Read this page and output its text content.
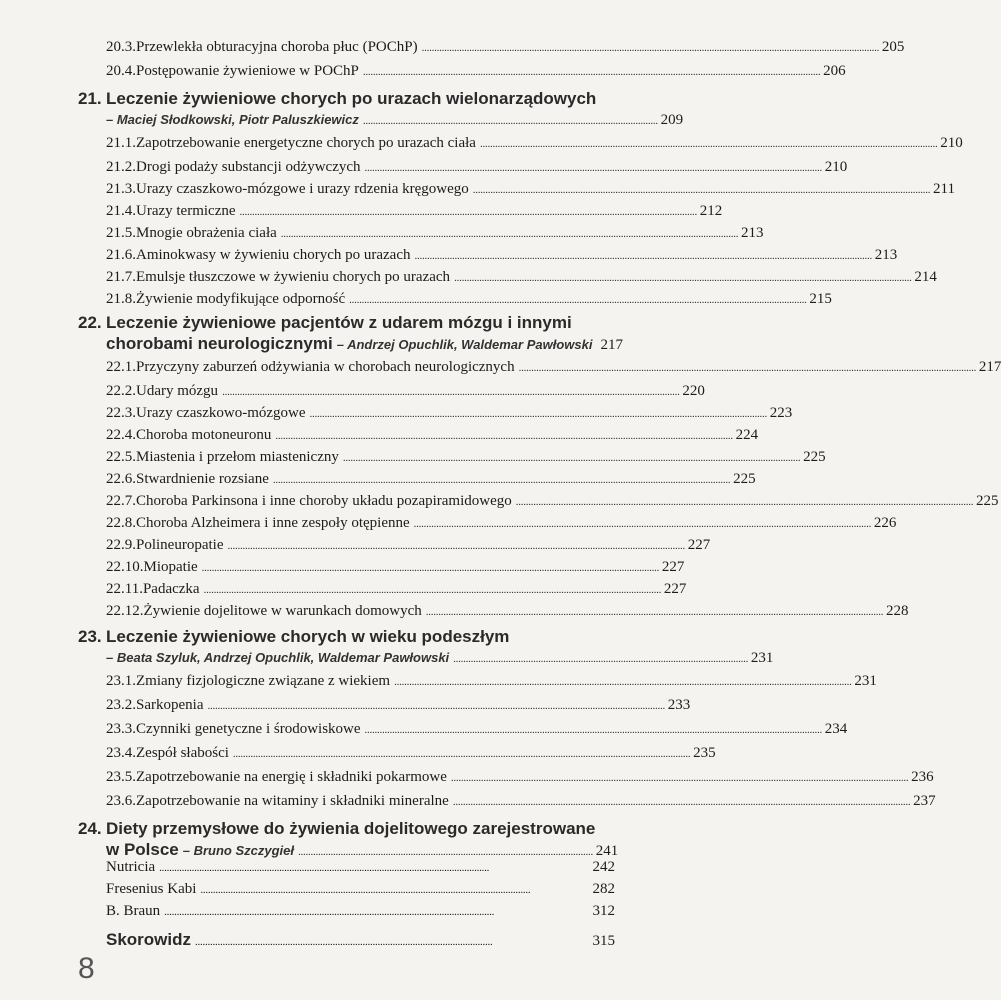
20.3. Przewlekła obturacyjna choroba płuc (POChP) . . .	205
20.4. Postępowanie żywieniowe w POChP . . .	206
21. Leczenie żywieniowe chorych po urazach wielonarządowych
– Maciej Słodkowski, Piotr Paluszkiewicz . . .	209
21.1. Zapotrzebowanie energetyczne chorych po urazach ciała . . .	210
21.2. Drogi podaży substancji odżywczych . . .	210
21.3. Urazy czaszkowo-mózgowe i urazy rdzenia kręgowego . . .	211
21.4. Urazy termiczne . . .	212
21.5. Mnogie obrażenia ciała . . .	213
21.6. Aminokwasy w żywieniu chorych po urazach . . .	213
21.7. Emulsje tłuszczowe w żywieniu chorych po urazach . . .	214
21.8. Żywienie modyfikujące odporność . . .	215
22. Leczenie żywieniowe pacjentów z udarem mózgu i innymi
chorobami neurologicznymi – Andrzej Opuchlik, Waldemar Pawłowski 217
22.1. Przyczyny zaburzeń odżywiania w chorobach neurologicznych . . .	217
22.2. Udary mózgu . . .	220
22.3. Urazy czaszkowo-mózgowe . . .	223
22.4. Choroba motoneuronu . . .	224
22.5. Miastenia i przełom miasteniczny . . .	225
22.6. Stwardnienie rozsiane . . .	225
22.7. Choroba Parkinsona i inne choroby układu pozapiramidowego . . .	225
22.8. Choroba Alzheimera i inne zespoły otępienne . . .	226
22.9. Polineuropatie . . .	227
22.10. Miopatie . . .	227
22.11. Padaczka . . .	227
22.12. Żywienie dojelitowe w warunkach domowych . . .	228
23. Leczenie żywieniowe chorych w wieku podeszłym
– Beata Szyluk, Andrzej Opuchlik, Waldemar Pawłowski . . .	231
23.1. Zmiany fizjologiczne związane z wiekiem . . .	231
23.2. Sarkopenia . . .	233
23.3. Czynniki genetyczne i środowiskowe . . .	234
23.4. Zespół słabości . . .	235
23.5. Zapotrzebowanie na energię i składniki pokarmowe . . .	236
23.6. Zapotrzebowanie na witaminy i składniki mineralne . . .	237
24. Diety przemysłowe do żywienia dojelitowego zarejestrowane
w Polsce – Bruno Szczygieł . . .	241
Nutricia . . .	242
Fresenius Kabi . . .	282
B. Braun . . .	312
8
Skorowidz . . .	315
